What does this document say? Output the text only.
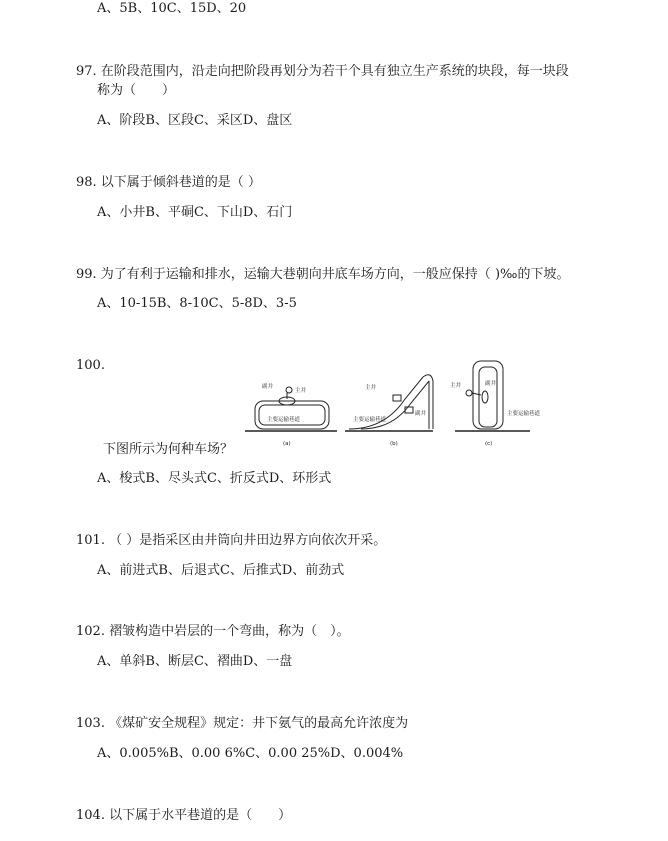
A、5B、10C、15D、20
97. 在阶段范围内，沿走向把阶段再划分为若干个具有独立生产系统的块段，每一块段
称为（　　）
A、阶段B、区段C、采区D、盘区
98. 以下属于倾斜巷道的是（ ）
A、小井B、平硐C、下山D、石门
99. 为了有利于运输和排水，运输大巷朝向井底车场方向，一般应保持（ )‰的下坡。
A、10-15B、8-10C、5-8D、3-5
100.
副井
主井
主要运输巷道
(a)
主井
副井
主要运输巷道
(b)
主井	副井
主要运输巷道
(c)
下图所示为何种车场？
A、梭式B、尽头式C、折反式D、环形式
101. （ ）是指采区由井筒向井田边界方向依次开采。
A、前进式B、后退式C、后推式D、前劲式
102. 褶皱构造中岩层的一个弯曲，称为（　）。
A、单斜B、断层C、褶曲D、一盘
103. 《煤矿安全规程》规定：井下氨气的最高允许浓度为
A、0.005%B、0.00 6%C、0.00 25%D、0.004%
104. 以下属于水平巷道的是（　　）
